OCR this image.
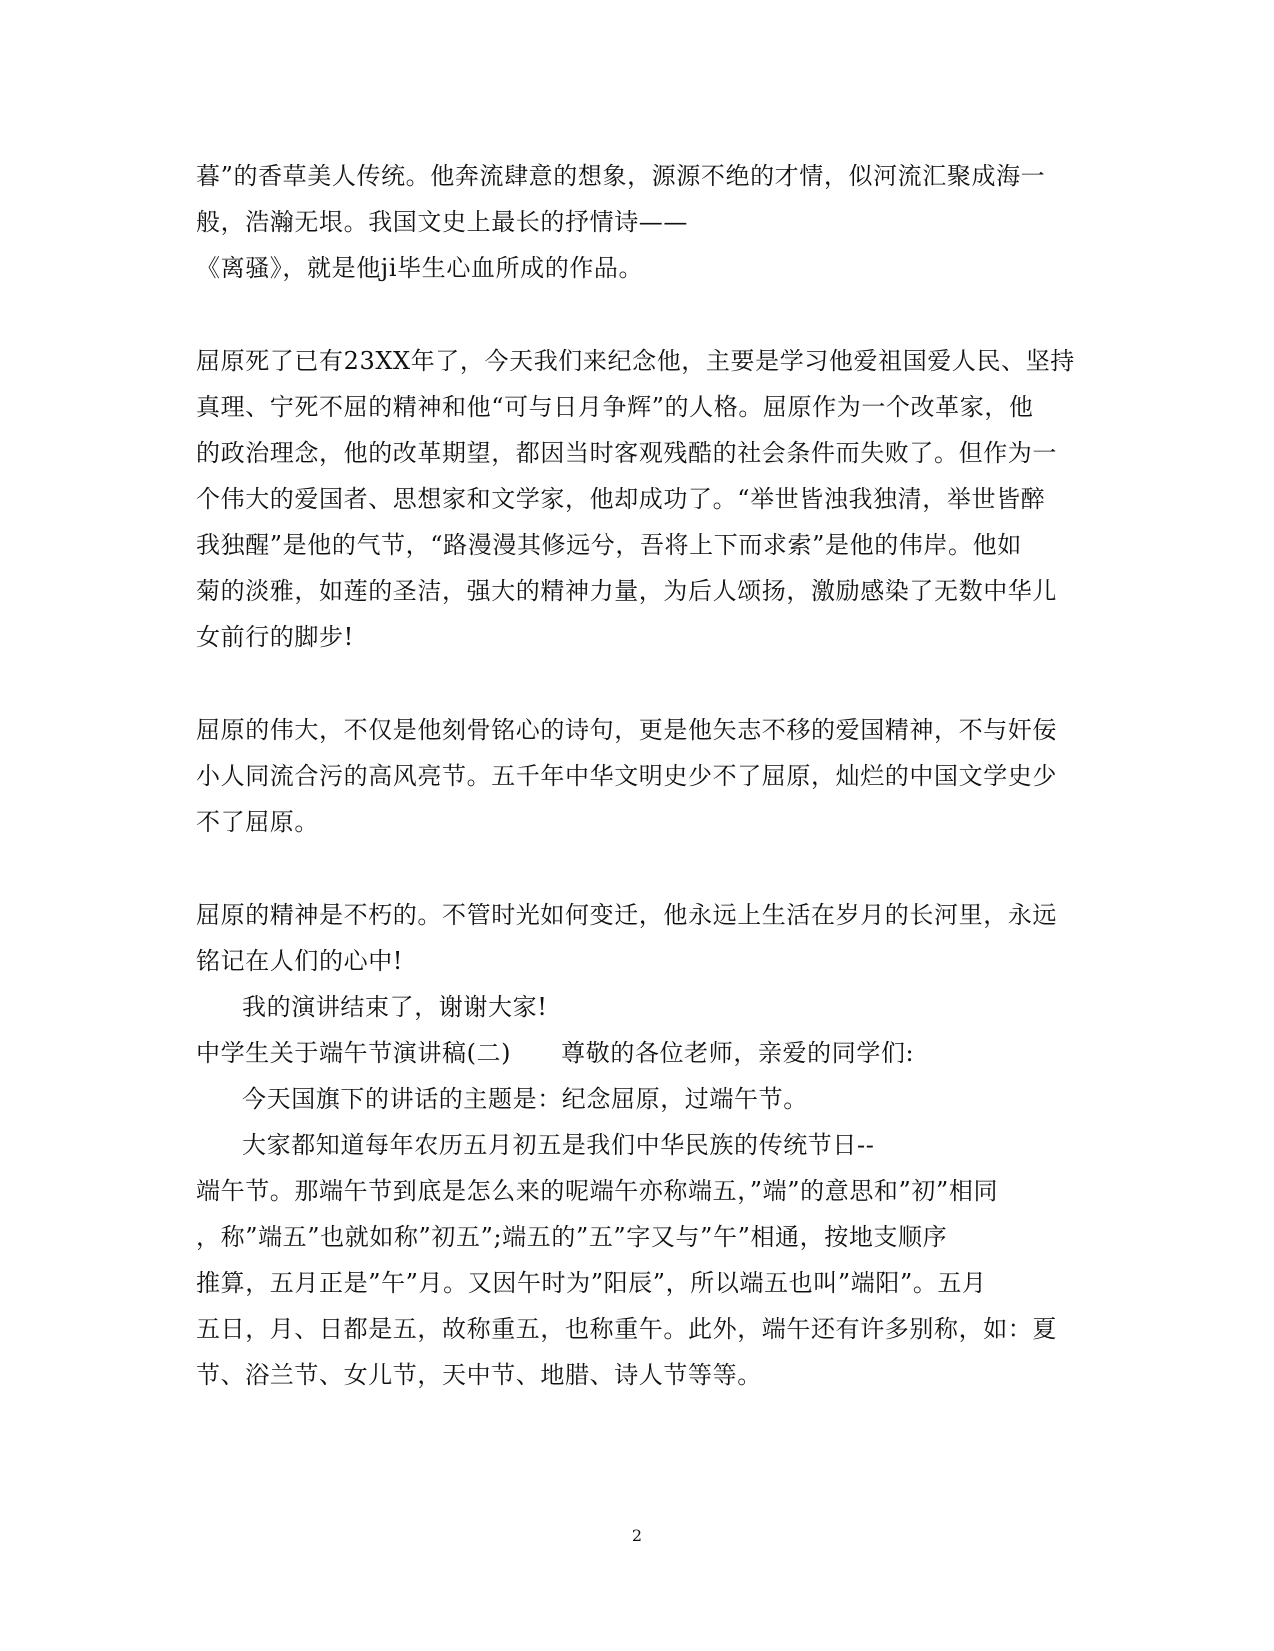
暮”的香草美人传统。他奔流肆意的想象，源源不绝的才情，似河流汇聚成海一
般，浩瀚无垠。我国文史上最长的抒情诗——
《离骚》，就是他ji毕生心血所成的作品。
屈原死了已有23XX年了，今天我们来纪念他，主要是学习他爱祖国爱人民、坚持
真理、宁死不屈的精神和他“可与日月争辉”的人格。屈原作为一个改革家，他
的政治理念，他的改革期望，都因当时客观残酷的社会条件而失败了。但作为一
个伟大的爱国者、思想家和文学家，他却成功了。“举世皆浊我独清，举世皆醉
我独醒”是他的气节，“路漫漫其修远兮，吾将上下而求索”是他的伟岸。他如
菊的淡雅，如莲的圣洁，强大的精神力量，为后人颂扬，激励感染了无数中华儿
女前行的脚步!
屈原的伟大，不仅是他刻骨铭心的诗句，更是他矢志不移的爱国精神，不与奸佞
小人同流合污的高风亮节。五千年中华文明史少不了屈原，灿烂的中国文学史少
不了屈原。
屈原的精神是不朽的。不管时光如何变迁，他永远上生活在岁月的长河里，永远
铭记在人们的心中!
我的演讲结束了，谢谢大家!
中学生关于端午节演讲稿(二) 尊敬的各位老师，亲爱的同学们:
今天国旗下的讲话的主题是：纪念屈原，过端午节。
大家都知道每年农历五月初五是我们中华民族的传统节日--
端午节。那端午节到底是怎么来的呢端午亦称端五，”端”的意思和”初”相同
，称”端五”也就如称”初五”;端五的”五”字又与”午”相通，按地支顺序
推算，五月正是”午”月。又因午时为”阳辰”，所以端五也叫”端阳”。五月
五日，月、日都是五，故称重五，也称重午。此外，端午还有许多别称，如：夏
节、浴兰节、女儿节，天中节、地腊、诗人节等等。
2
